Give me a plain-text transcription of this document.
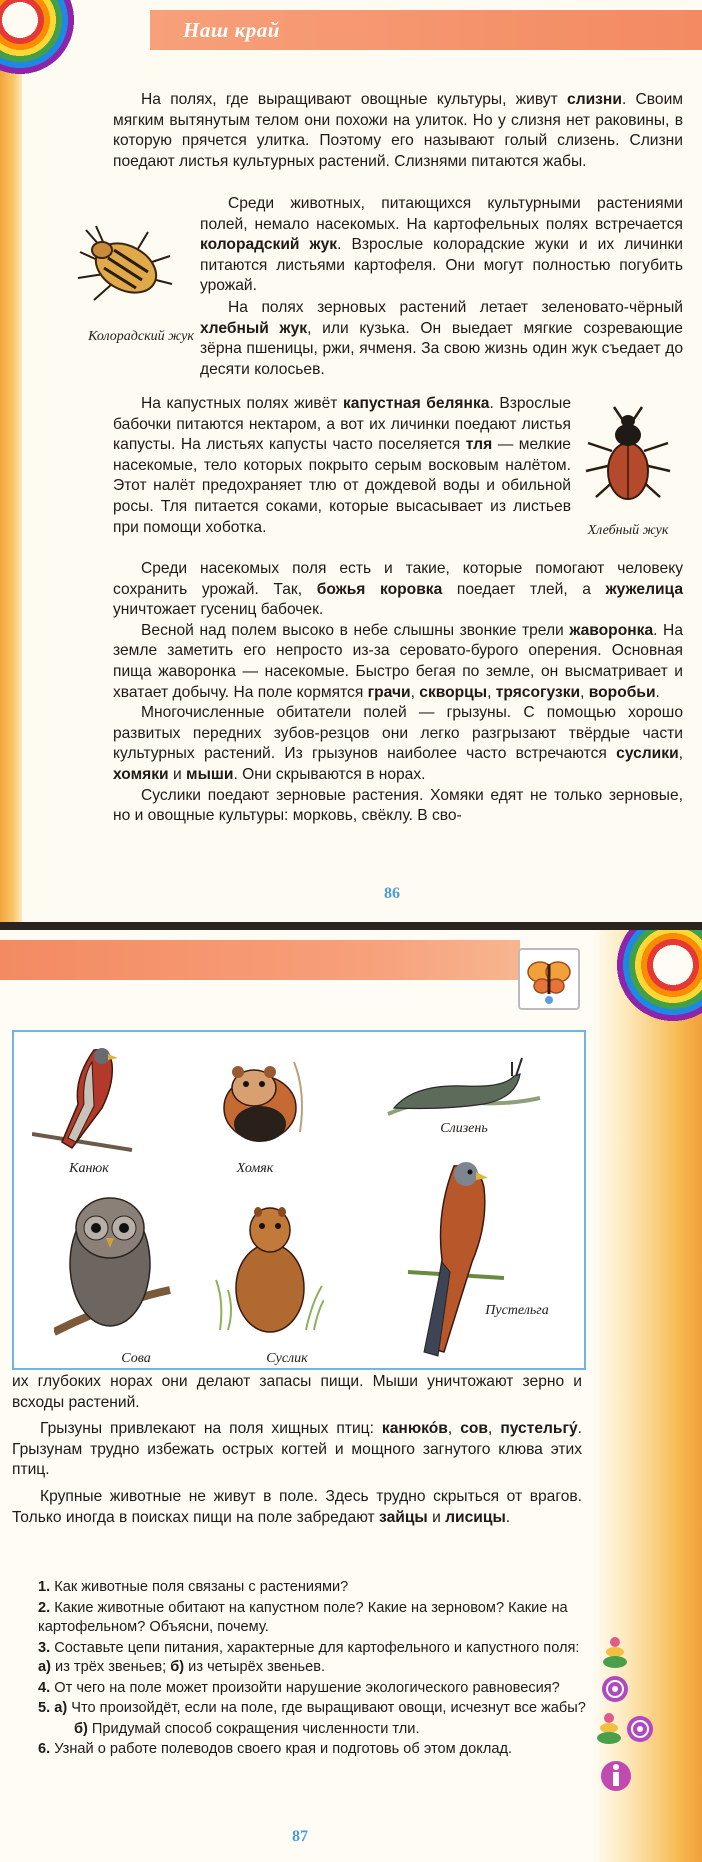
Наш край
Колорадский жук
Хлебный жук

На полях, где выращивают овощные культуры, живут слизни. Своим мягким вытянутым телом они похожи на улиток. Но у слизня нет раковины, в которую прячется улитка. Поэтому его называют голый слизень. Слизни поедают листья культурных растений. Слизнями питаются жабы.

Среди животных, питающихся культурными растениями полей, немало насекомых. На картофельных полях встречается колорадский жук. Взрослые колорадские жуки и их личинки питаются листьями картофеля. Они могут полностью погубить урожай.

На полях зерновых растений летает зеленовато-чёрный хлебный жук, или кузька. Он выедает мягкие созревающие зёрна пшеницы, ржи, ячменя. За свою жизнь один жук съедает до десяти колосьев.

На капустных полях живёт капустная белянка. Взрослые бабочки питаются нектаром, а вот их личинки поедают листья капусты. На листьях капусты часто поселяется тля — мелкие насекомые, тело которых покрыто серым восковым налётом. Этот налёт предохраняет тлю от дождевой воды и обильной росы. Тля питается соками, которые высасывает из листьев при помощи хоботка.

Среди насекомых поля есть и такие, которые помогают человеку сохранить урожай. Так, божья коровка поедает тлей, а жужелица уничтожает гусениц бабочек.

Весной над полем высоко в небе слышны звонкие трели жаворонка. На земле заметить его непросто из-за серовато-бурого оперения. Основная пища жаворонка — насекомые. Быстро бегая по земле, он высматривает и хватает добычу. На поле кормятся грачи, скворцы, трясогузки, воробьи.

Многочисленные обитатели полей — грызуны. С помощью хорошо развитых передних зубов-резцов они легко разгрызают твёрдые части культурных растений. Из грызунов наиболее часто встречаются суслики, хомяки и мыши. Они скрываются в норах.

Суслики поедают зерновые растения. Хомяки едят не только зерновые, но и овощные культуры: морковь, свёклу. В сво-

86
Канюк	Хомяк
Слизень
Сова	Суслик
Пустельга

их глубоких норах они делают запасы пищи. Мыши уничтожают зерно и всходы растений.

Грызуны привлекают на поля хищных птиц: канюко́в, сов, пустельгу́. Грызунам трудно избежать острых когтей и мощного загнутого клюва этих птиц.

Крупные животные не живут в поле. Здесь трудно скрыться от врагов. Только иногда в поисках пищи на поле забредают зайцы и лисицы.

1. Как животные поля связаны с растениями?

2. Какие животные обитают на капустном поле? Какие на зерновом? Какие на картофельном? Объясни, почему.

3. Составьте цепи питания, характерные для картофельного и капустного поля: а) из трёх звеньев; б) из четырёх звеньев.

4. От чего на поле может произойти нарушение экологического равновесия?

5. а) Что произойдёт, если на поле, где выращивают овощи, исчезнут все жабы?

б) Придумай способ сокращения численности тли.

6. Узнай о работе полеводов своего края и подготовь об этом доклад.

87
